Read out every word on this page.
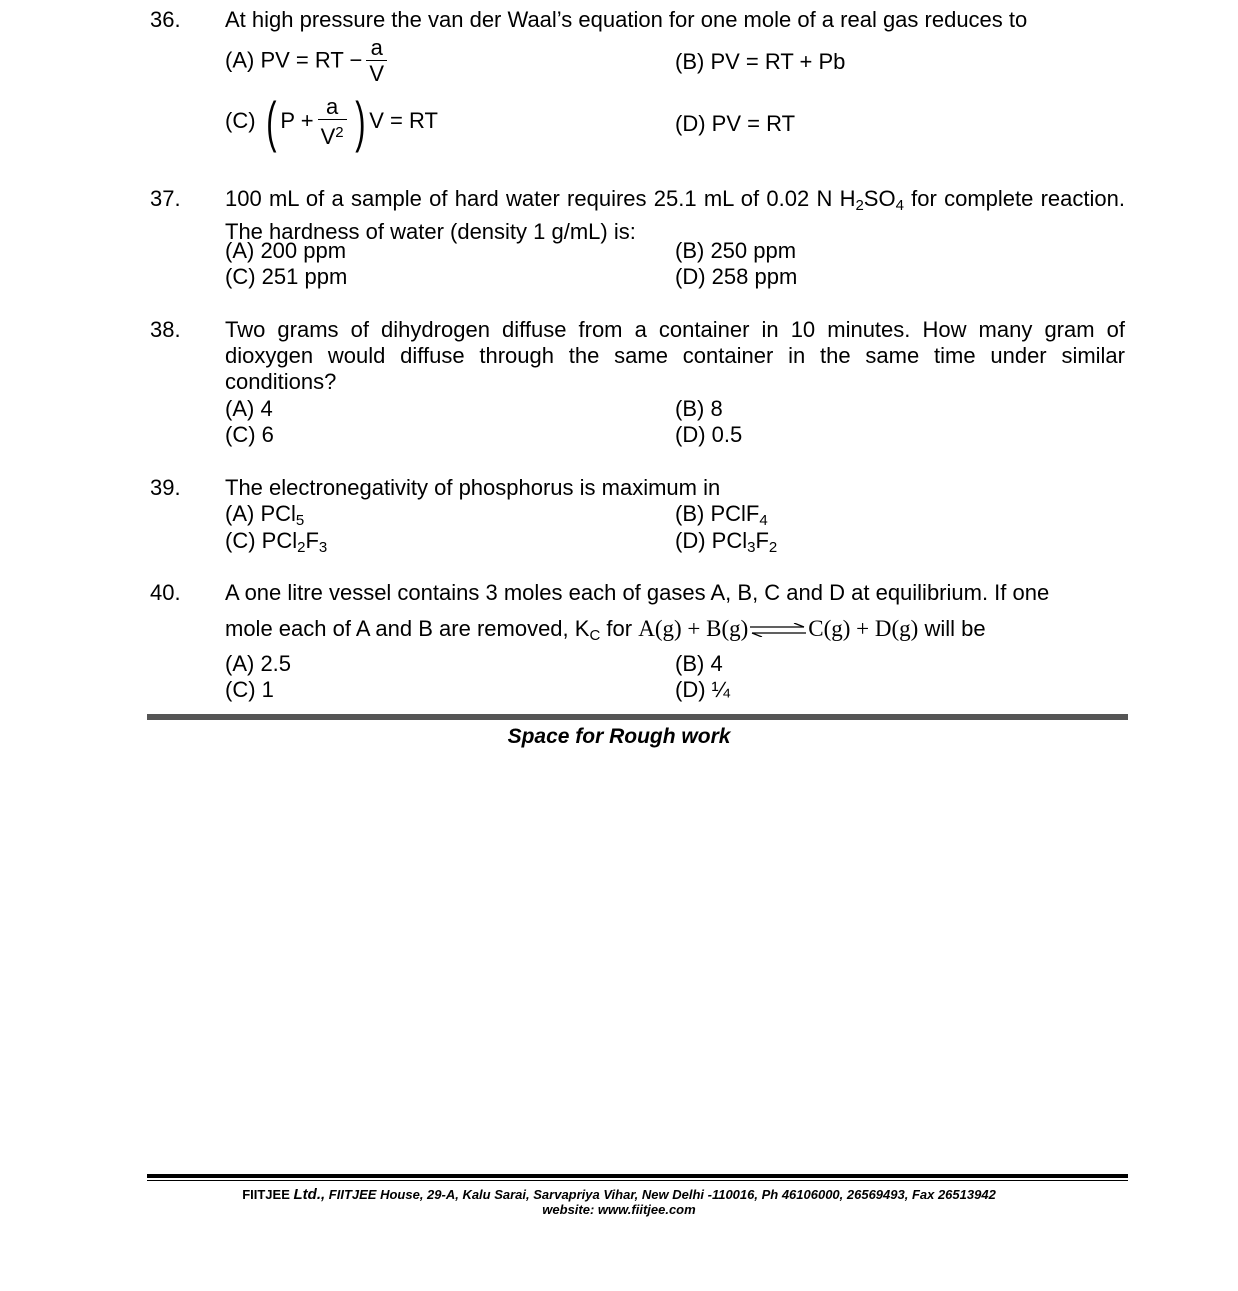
36. At high pressure the van der Waal’s equation for one mole of a real gas reduces to
(A) PV = RT − $\frac{a}{V}$	(B) PV = RT + Pb
(C) ( $P + \frac{a}{V^2}$ ) V = RT	(D) PV = RT
37. 100 mL of a sample of hard water requires 25.1 mL of 0.02 N $H_2SO_4$ for complete reaction. The hardness of water (density 1 g/mL) is:
(A) 200 ppm	(B) 250 ppm
(C) 251 ppm	(D) 258 ppm
38. Two grams of dihydrogen diffuse from a container in 10 minutes. How many gram of dioxygen would diffuse through the same container in the same time under similar conditions?
(A) 4	(B) 8
(C) 6	(D) 0.5
39. The electronegativity of phosphorus is maximum in
(A) PCl$_5$	(B) PClF$_4$
(C) $PCl_2F_3$	(D) $PCl_3F_2$
40. A one litre vessel contains 3 moles each of gases A, B, C and D at equilibrium. If one
mole each of A and B are removed, $K_C$ for A(g) + B(g)⇌C(g) + D(g) will be
(A) 2.5	(B) 4
(C) 1	(D) ¼
Space for Rough work
FIITJEE Ltd., FIITJEE House, 29-A, Kalu Sarai, Sarvapriya Vihar, New Delhi -110016, Ph 46106000, 26569493, Fax 26513942
website: www.fiitjee.com
